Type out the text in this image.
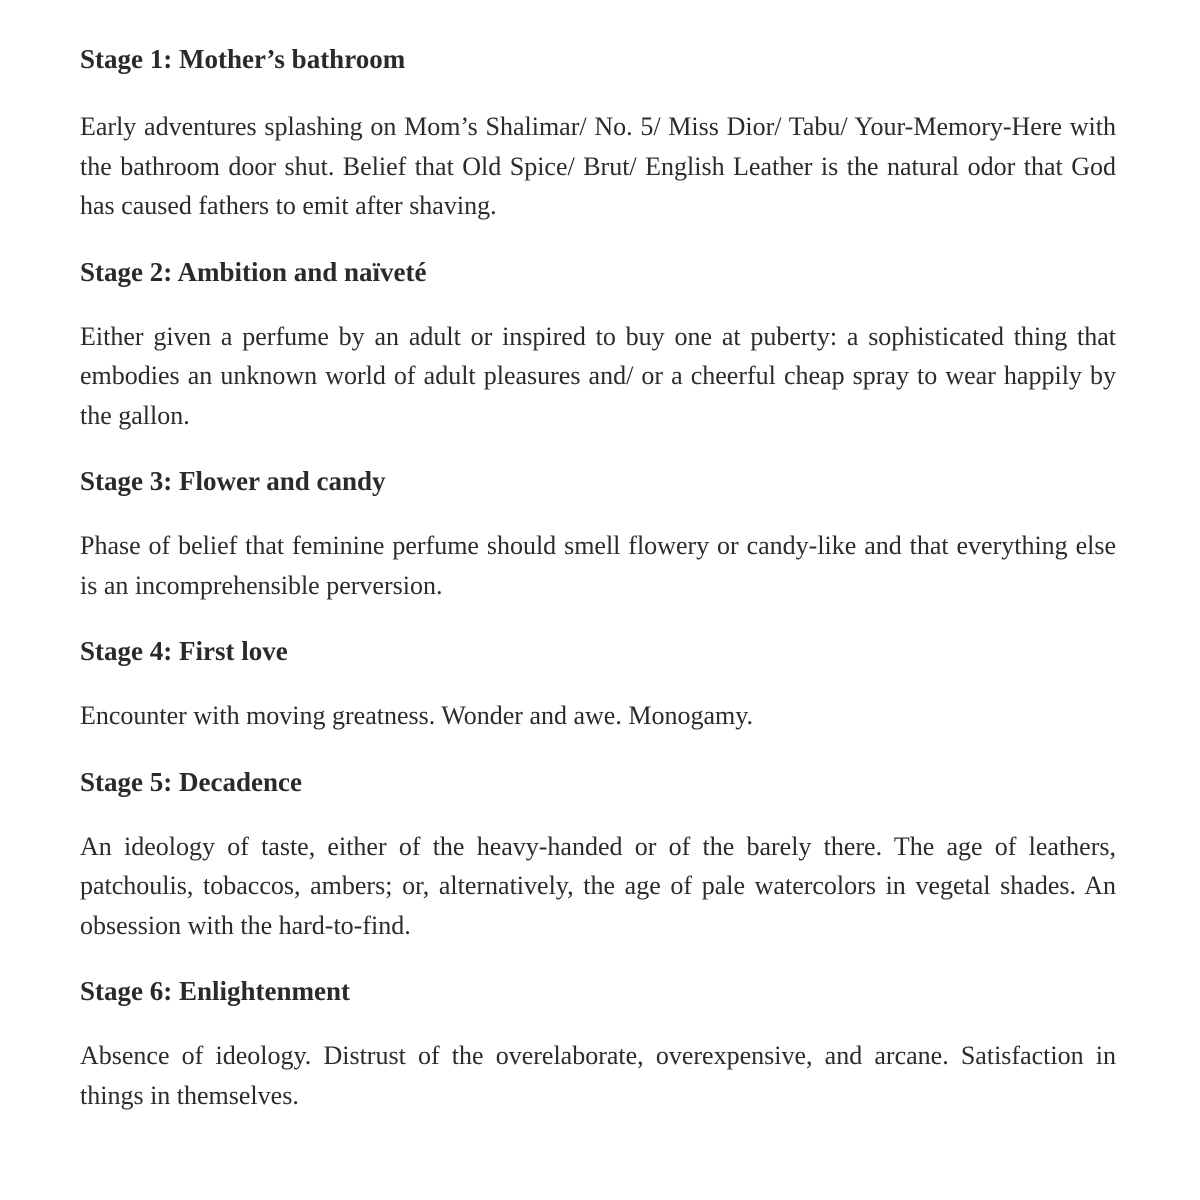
Stage 1: Mother’s bathroom

Early adventures splashing on Mom’s Shalimar/ No. 5/ Miss Dior/ Tabu/ Your-Memory-Here with the bathroom door shut. Belief that Old Spice/ Brut/ English Leather is the natural odor that God has caused fathers to emit after shaving.

Stage 2: Ambition and naïveté

Either given a perfume by an adult or inspired to buy one at puberty: a sophisticated thing that embodies an unknown world of adult pleasures and/ or a cheerful cheap spray to wear happily by the gallon.

Stage 3: Flower and candy

Phase of belief that feminine perfume should smell flowery or candy-like and that everything else is an incomprehensible perversion.

Stage 4: First love

Encounter with moving greatness. Wonder and awe. Monogamy.

Stage 5: Decadence

An ideology of taste, either of the heavy-handed or of the barely there. The age of leathers, patchoulis, tobaccos, ambers; or, alternatively, the age of pale watercolors in vegetal shades. An obsession with the hard-to-find.

Stage 6: Enlightenment

Absence of ideology. Distrust of the overelaborate, overexpensive, and arcane. Satisfaction in things in themselves.
